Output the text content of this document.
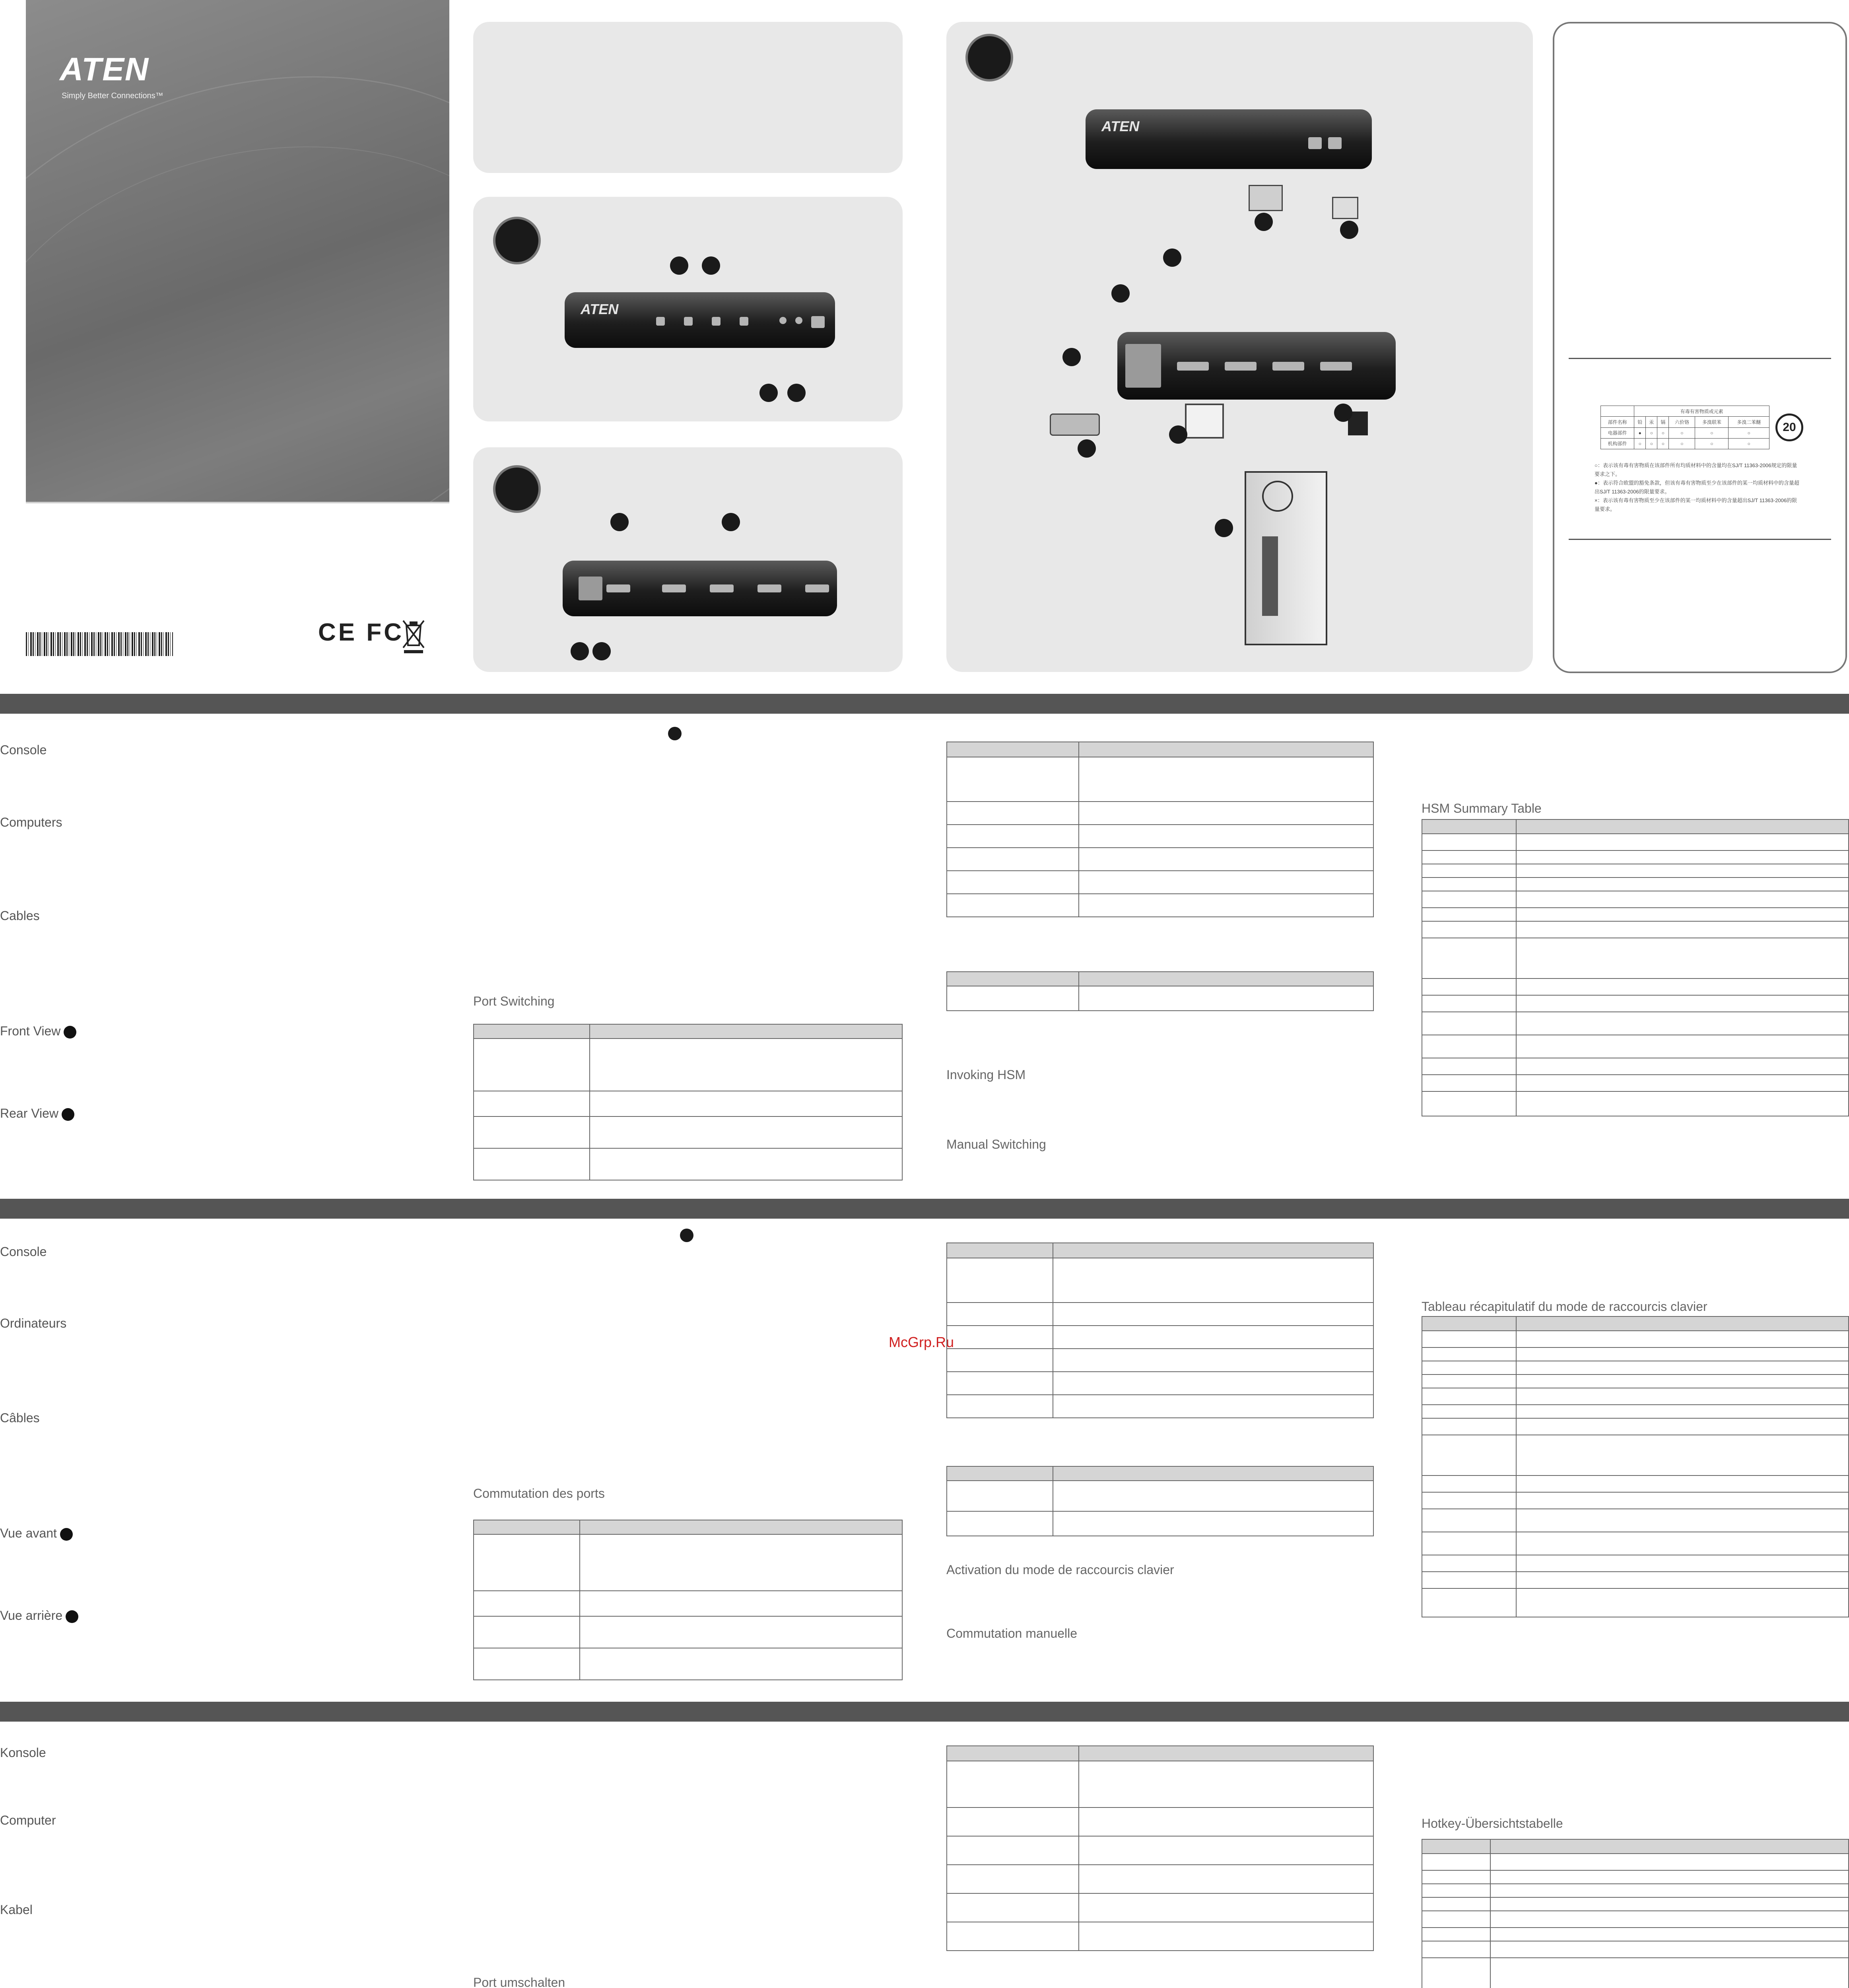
ATEN
Simply Better Connections™
CE FC
ATEN
ATEN
	有毒有害物质或元素					
部件名称	铅	汞	镉	六价铬	多溴联苯	多溴二苯醚
电器部件	●	○	○	○	○	○
机构部件	○	○	○	○	○	○
20
○：表示该有毒有害物质在该部件所有均质材料中的含量均在SJ/T 11363-2006规定的限量要求之下。
●：表示符合欧盟的豁免条款，但该有毒有害物质至少在该部件的某一均质材料中的含量超出SJ/T 11363-2006的限量要求。
×：表示该有毒有害物质至少在该部件的某一均质材料中的含量超出SJ/T 11363-2006的限量要求。
Console
Computers
Cables
Front View
Rear View
Port Switching

Invoking HSM
Manual Switching
HSM Summary Table

Console
Ordinateurs
Câbles
Vue avant
Vue arrière
Commutation des ports

McGrp.Ru

Activation du mode de raccourcis clavier
Commutation manuelle
Tableau récapitulatif du mode de raccourcis clavier

Konsole
Computer
Kabel
Port umschalten

Hotkey-Übersichtstabelle
